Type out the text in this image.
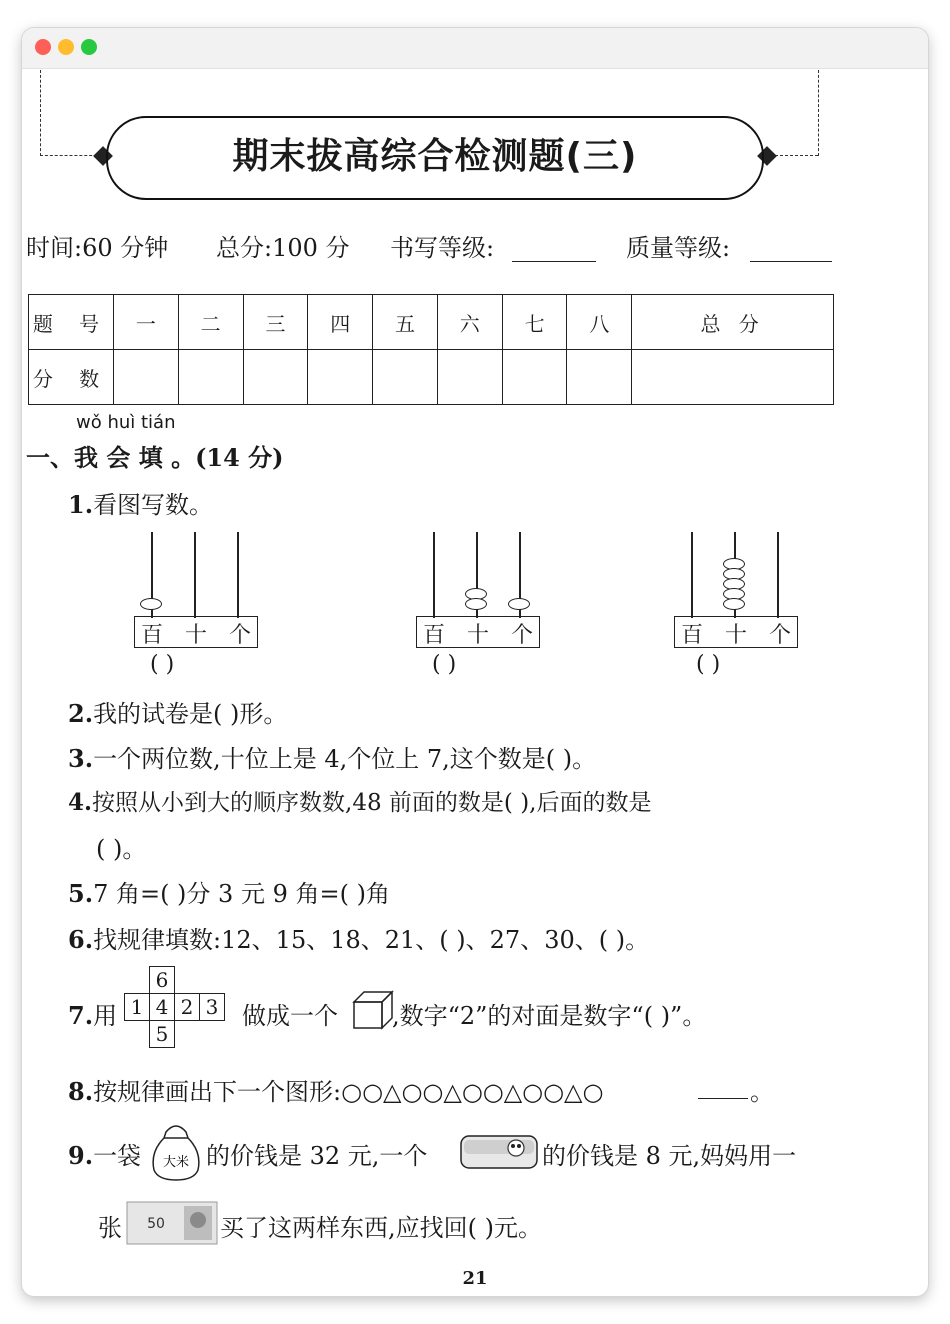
期末拔高综合检测题(三)
时间:60 分钟 总分:100 分 书写等级:	质量等级:
题 号	一	二	三	四	五	六	七	八	总 分
分 数									
wǒ huì tián
一、我 会 填 。(14 分)
1.看图写数。
百 十 个
( )
百 十 个
( )
百 十 个
( )
2.我的试卷是( )形。
3.一个两位数,十位上是 4,个位上 7,这个数是( )。
4.按照从小到大的顺序数数,48 前面的数是( ),后面的数是
( )。
5.7 角=( )分 3 元 9 角=( )角
6.找规律填数:12、15、18、21、( )、27、30、( )。
7.用
	6		
1	4	2	3
	5		
做成一个 ,数字“2”的对面是数字“( )”。
8.按规律画出下一个图形:○○△○○△○○△○○△○	。
9.一袋 大米 的价钱是 32 元,一个	的价钱是 8 元,妈妈用一
张 50 买了这两样东西,应找回( )元。
21
